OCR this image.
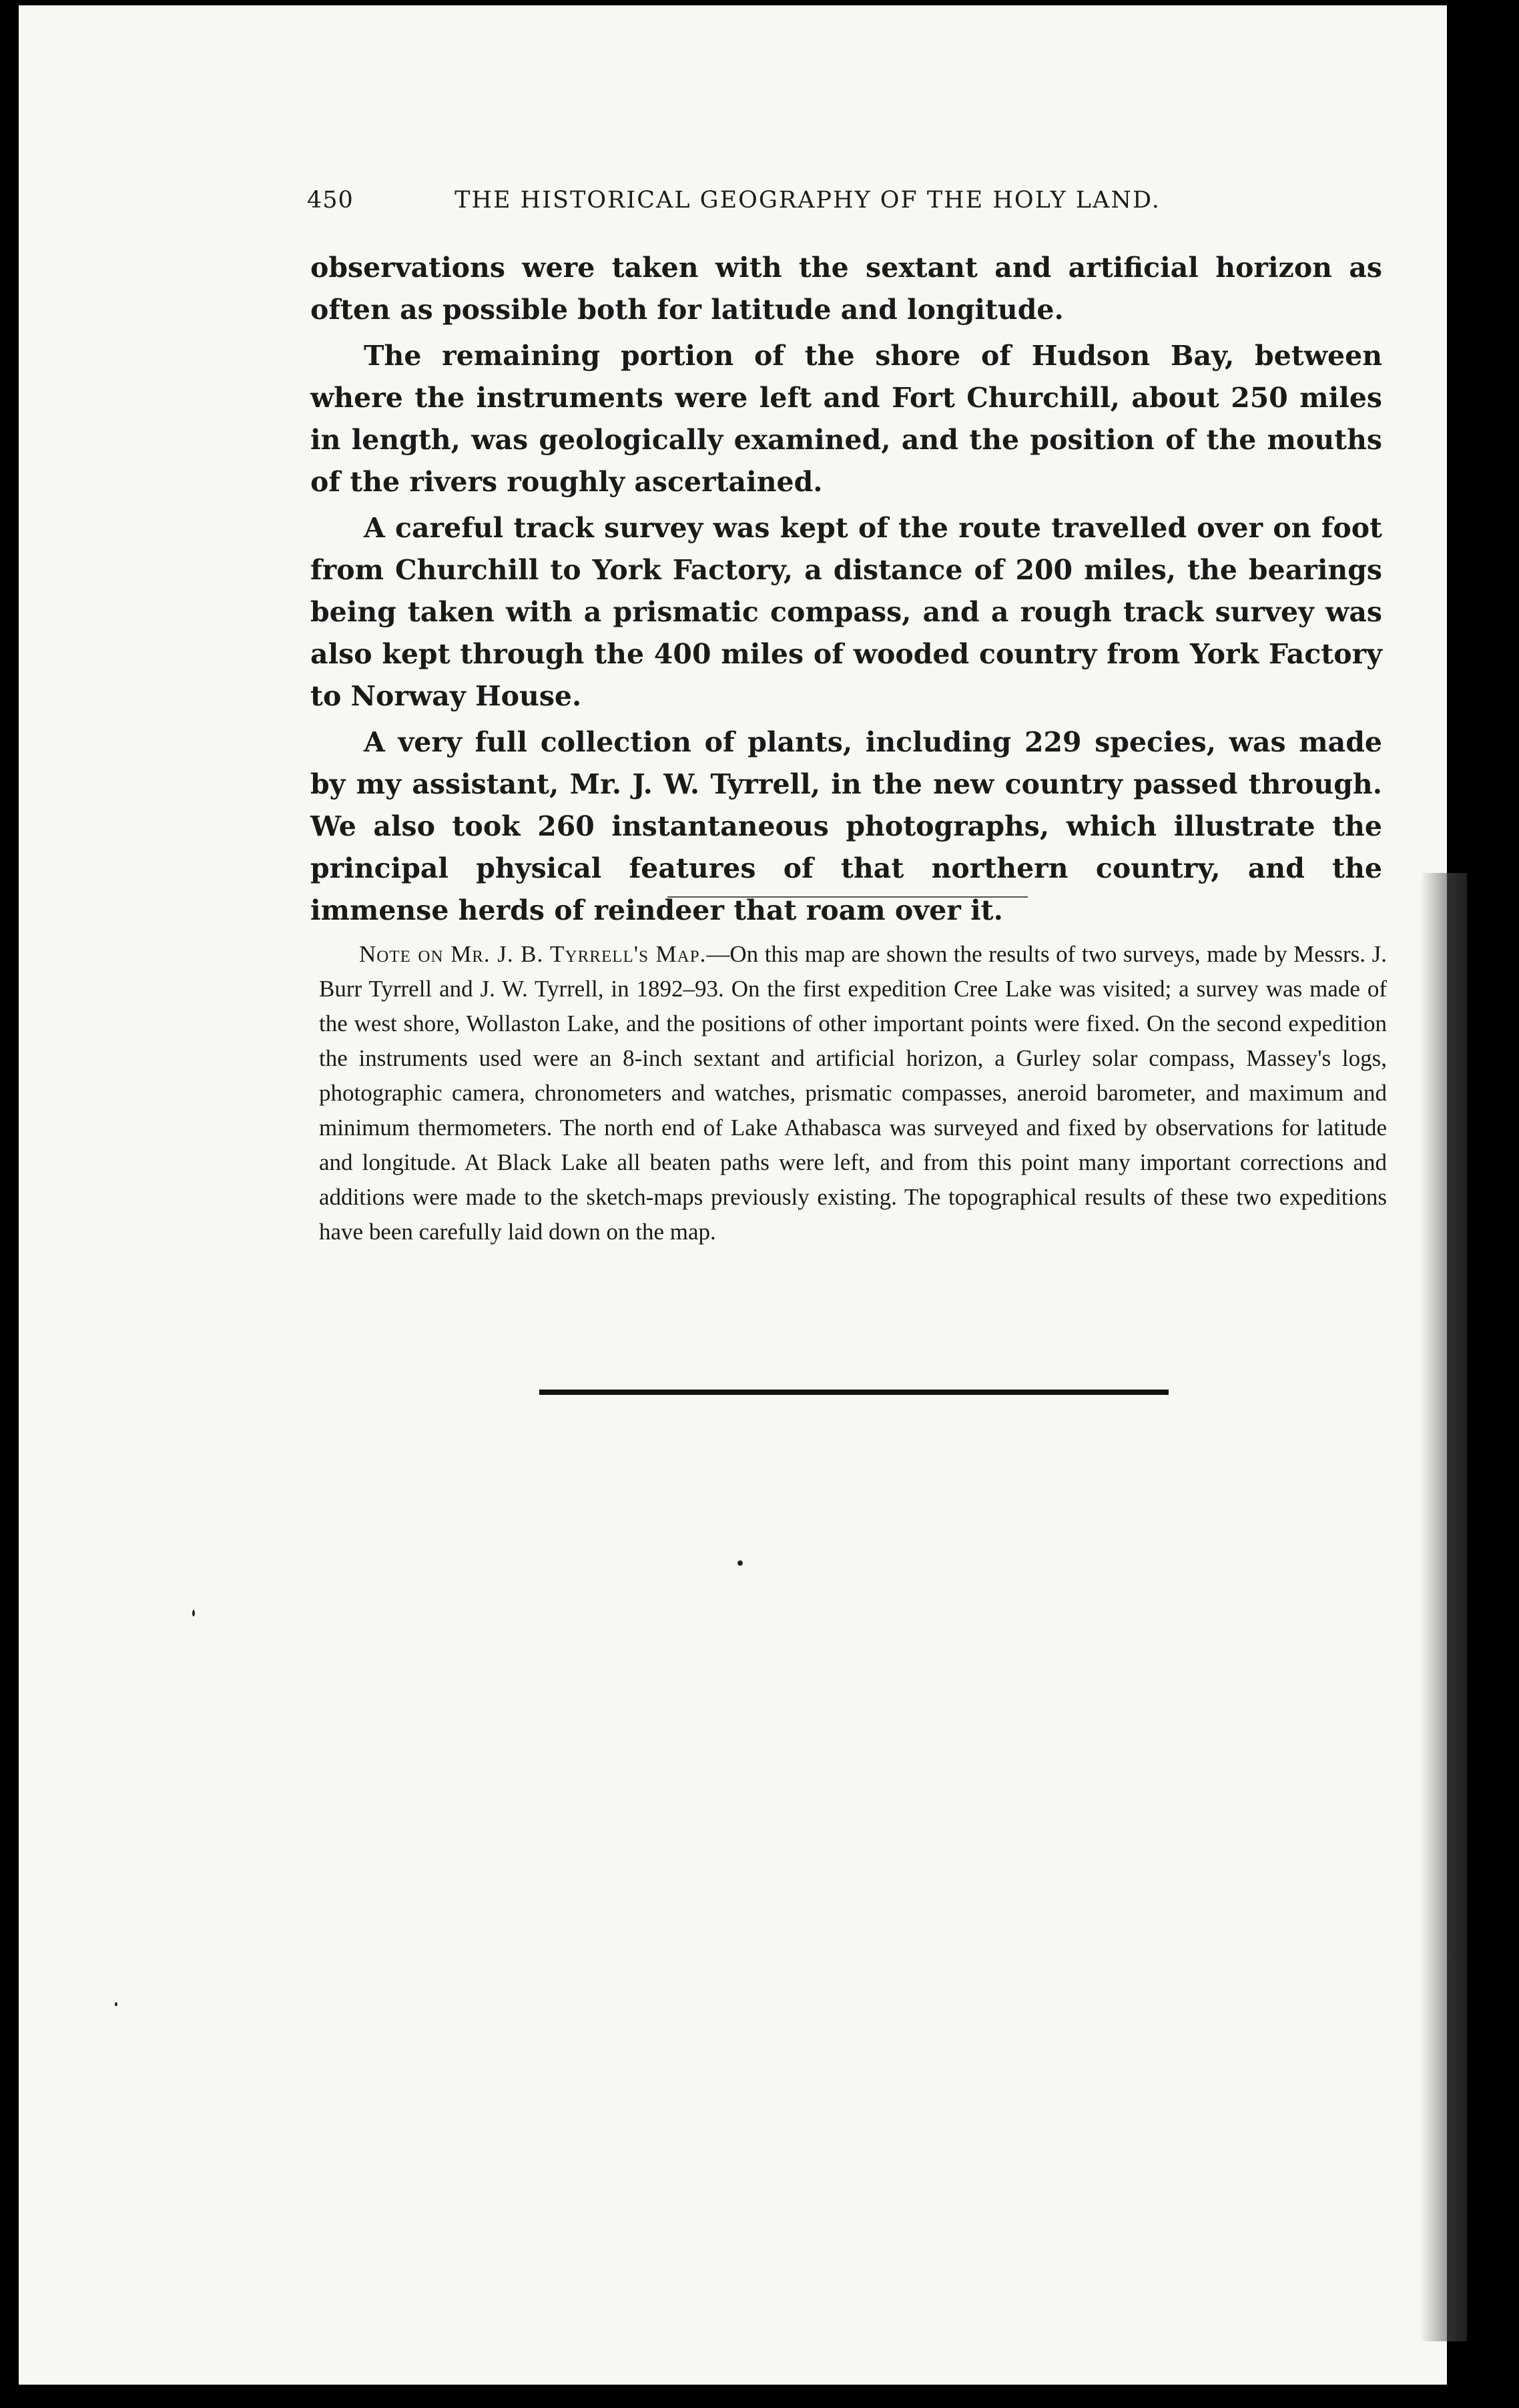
450	THE HISTORICAL GEOGRAPHY OF THE HOLY LAND.

observations were taken with the sextant and artificial horizon as often as possible both for latitude and longitude.

The remaining portion of the shore of Hudson Bay, between where the instruments were left and Fort Churchill, about 250 miles in length, was geologically examined, and the position of the mouths of the rivers roughly ascertained.

A careful track survey was kept of the route travelled over on foot from Churchill to York Factory, a distance of 200 miles, the bearings being taken with a prismatic compass, and a rough track survey was also kept through the 400 miles of wooded country from York Factory to Norway House.

A very full collection of plants, including 229 species, was made by my assistant, Mr. J. W. Tyrrell, in the new country passed through. We also took 260 instantaneous photographs, which illustrate the principal physical features of that northern country, and the immense herds of reindeer that roam over it.

Note on Mr. J. B. Tyrrell's Map.—On this map are shown the results of two surveys, made by Messrs. J. Burr Tyrrell and J. W. Tyrrell, in 1892–93. On the first expedition Cree Lake was visited; a survey was made of the west shore, Wollaston Lake, and the positions of other important points were fixed. On the second expedition the instruments used were an 8-inch sextant and artificial horizon, a Gurley solar compass, Massey's logs, photographic camera, chronometers and watches, prismatic compasses, aneroid barometer, and maximum and minimum thermometers. The north end of Lake Athabasca was surveyed and fixed by observations for latitude and longitude. At Black Lake all beaten paths were left, and from this point many important corrections and additions were made to the sketch-maps previously existing. The topographical results of these two expeditions have been carefully laid down on the map.
